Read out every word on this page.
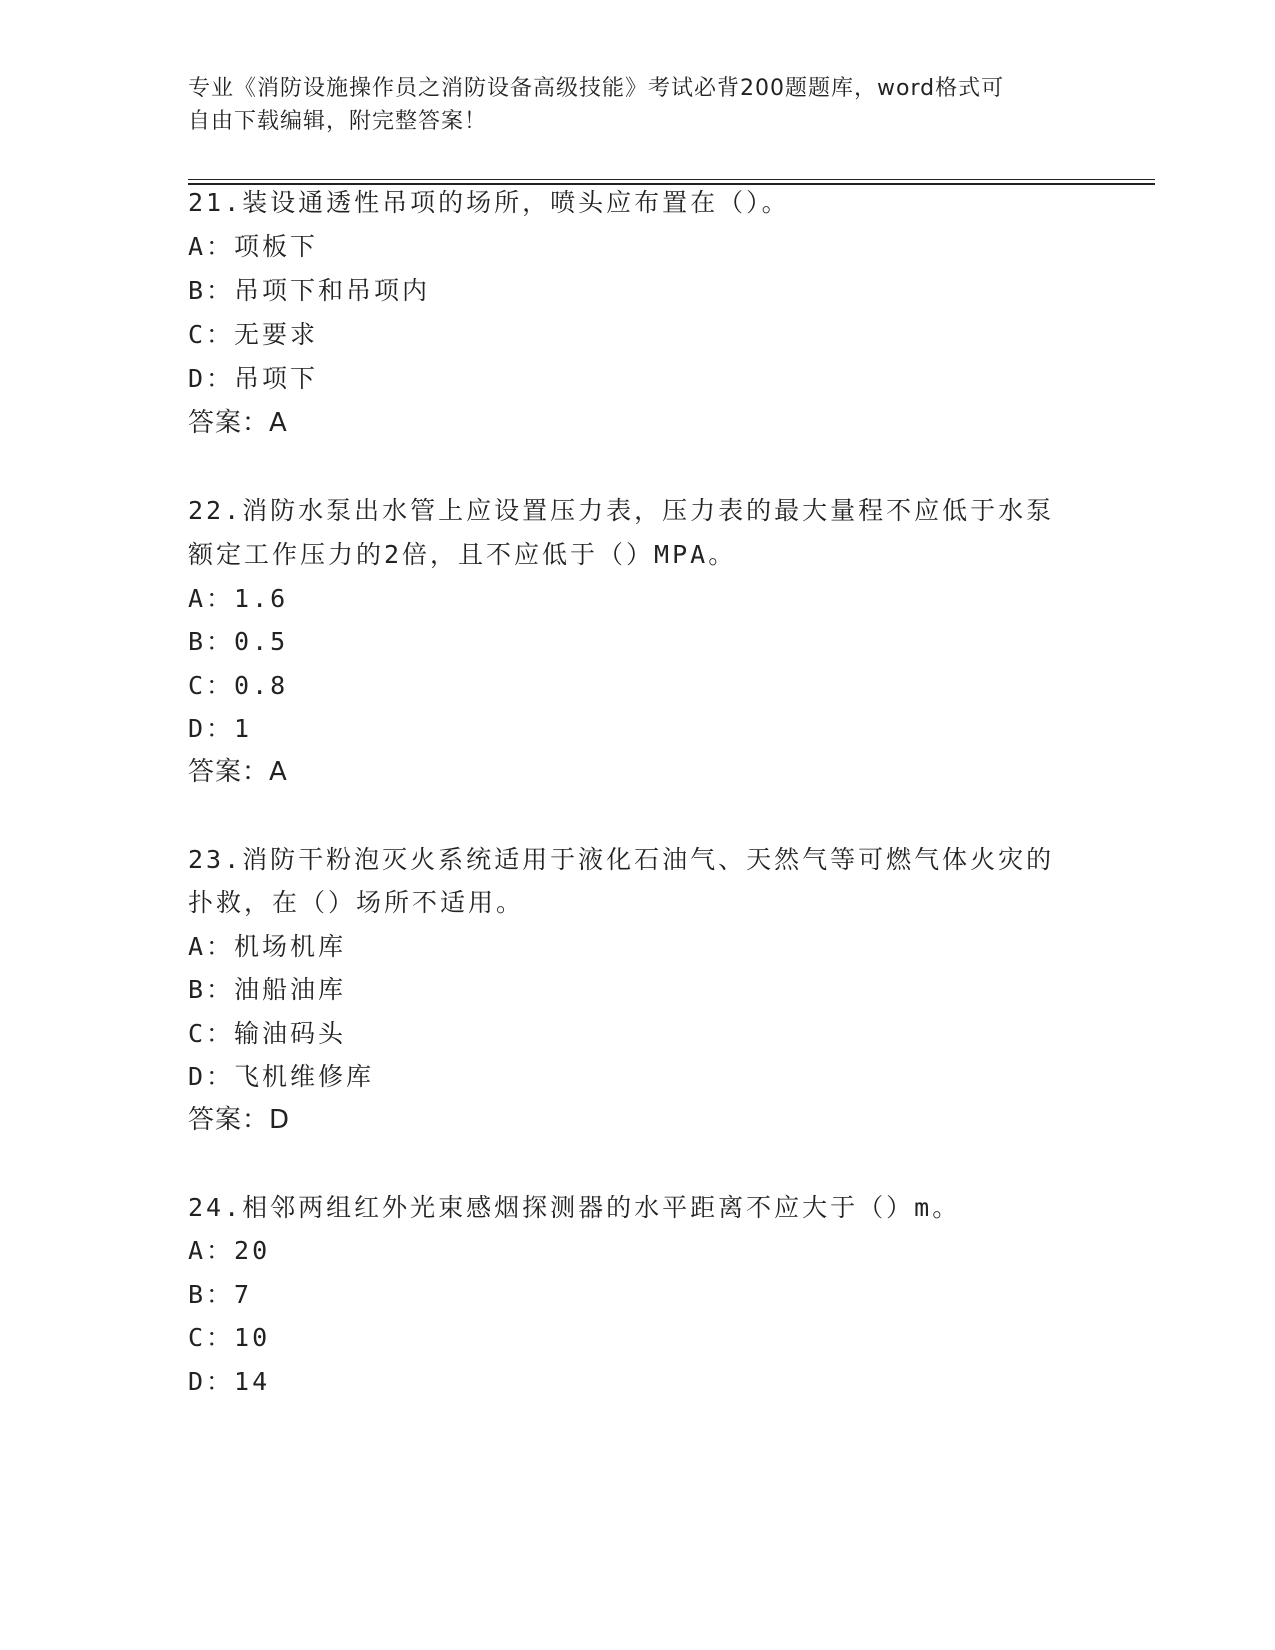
专业《消防设施操作员之消防设备高级技能》考试必背200题题库，word格式可
自由下载编辑，附完整答案！
21.装设通透性吊项的场所，喷头应布置在（）。
A：项板下
B：吊项下和吊项内
C：无要求
D：吊项下
答案：A
22.消防水泵出水管上应设置压力表，压力表的最大量程不应低于水泵
额定工作压力的2倍，且不应低于（）MPA。
A：1.6
B：0.5
C：0.8
D：1
答案：A
23.消防干粉泡灭火系统适用于液化石油气、天然气等可燃气体火灾的
扑救，在（）场所不适用。
A：机场机库
B：油船油库
C：输油码头
D：飞机维修库
答案：D
24.相邻两组红外光束感烟探测器的水平距离不应大于（）m。
A：20
B：7
C：10
D：14
